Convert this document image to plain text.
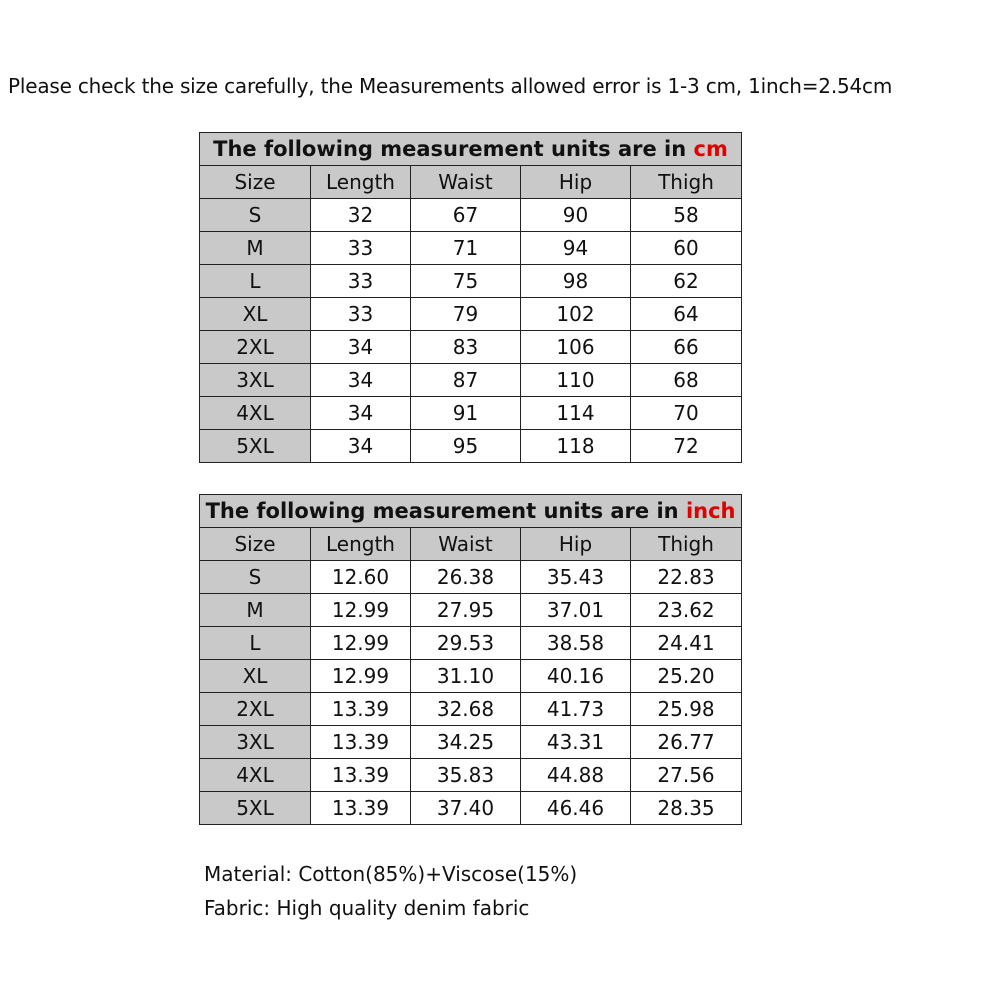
Please check the size carefully, the Measurements allowed error is 1-3 cm, 1inch=2.54cm
The following measurement units are in cm				
Size	Length	Waist	Hip	Thigh
S	32	67	90	58
M	33	71	94	60
L	33	75	98	62
XL	33	79	102	64
2XL	34	83	106	66
3XL	34	87	110	68
4XL	34	91	114	70
5XL	34	95	118	72
The following measurement units are in inch				
Size	Length	Waist	Hip	Thigh
S	12.60	26.38	35.43	22.83
M	12.99	27.95	37.01	23.62
L	12.99	29.53	38.58	24.41
XL	12.99	31.10	40.16	25.20
2XL	13.39	32.68	41.73	25.98
3XL	13.39	34.25	43.31	26.77
4XL	13.39	35.83	44.88	27.56
5XL	13.39	37.40	46.46	28.35
Material: Cotton(85%)+Viscose(15%)
Fabric: High quality denim fabric
